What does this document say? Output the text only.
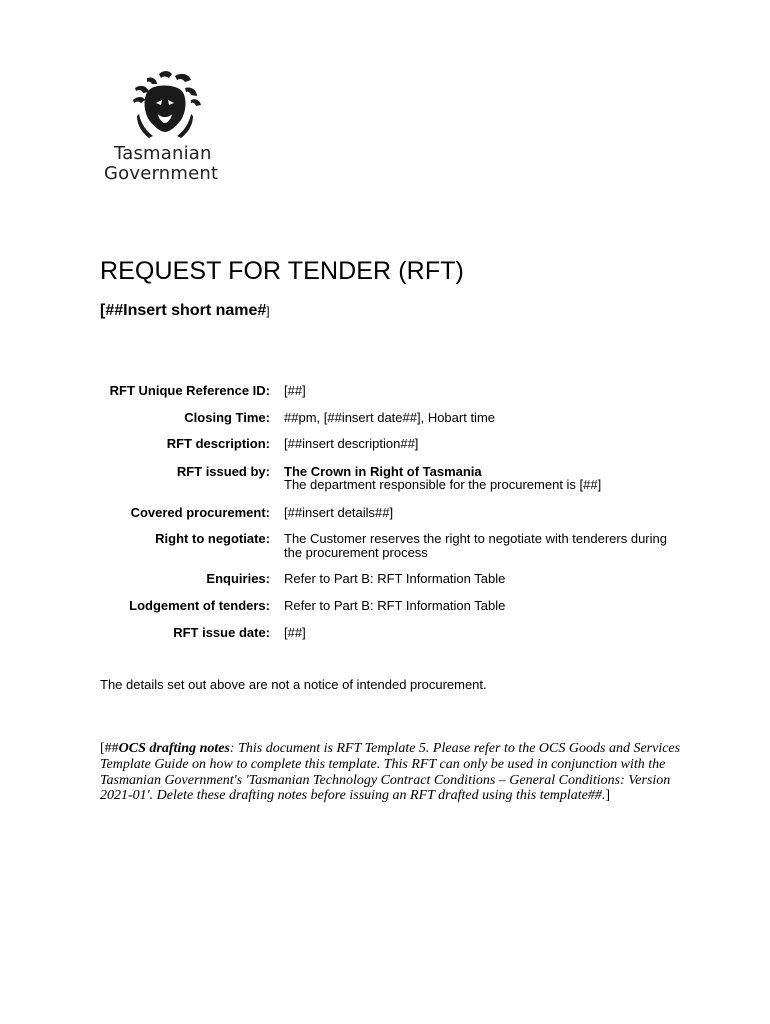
Tasmanian
Government
REQUEST FOR TENDER (RFT)
[##Insert short name#]
RFT Unique Reference ID: [##]
Closing Time: ##pm, [##insert date##], Hobart time
RFT description: [##insert description##]
RFT issued by: The Crown in Right of Tasmania
The department responsible for the procurement is [##]
Covered procurement: [##insert details##]
Right to negotiate: The Customer reserves the right to negotiate with tenderers during the procurement process
Enquiries: Refer to Part B: RFT Information Table
Lodgement of tenders: Refer to Part B: RFT Information Table
RFT issue date: [##]
The details set out above are not a notice of intended procurement.
[##OCS drafting notes: This document is RFT Template 5. Please refer to the OCS Goods and Services Template Guide on how to complete this template. This RFT can only be used in conjunction with the Tasmanian Government's 'Tasmanian Technology Contract Conditions – General Conditions: Version 2021-01'. Delete these drafting notes before issuing an RFT drafted using this template##.]
